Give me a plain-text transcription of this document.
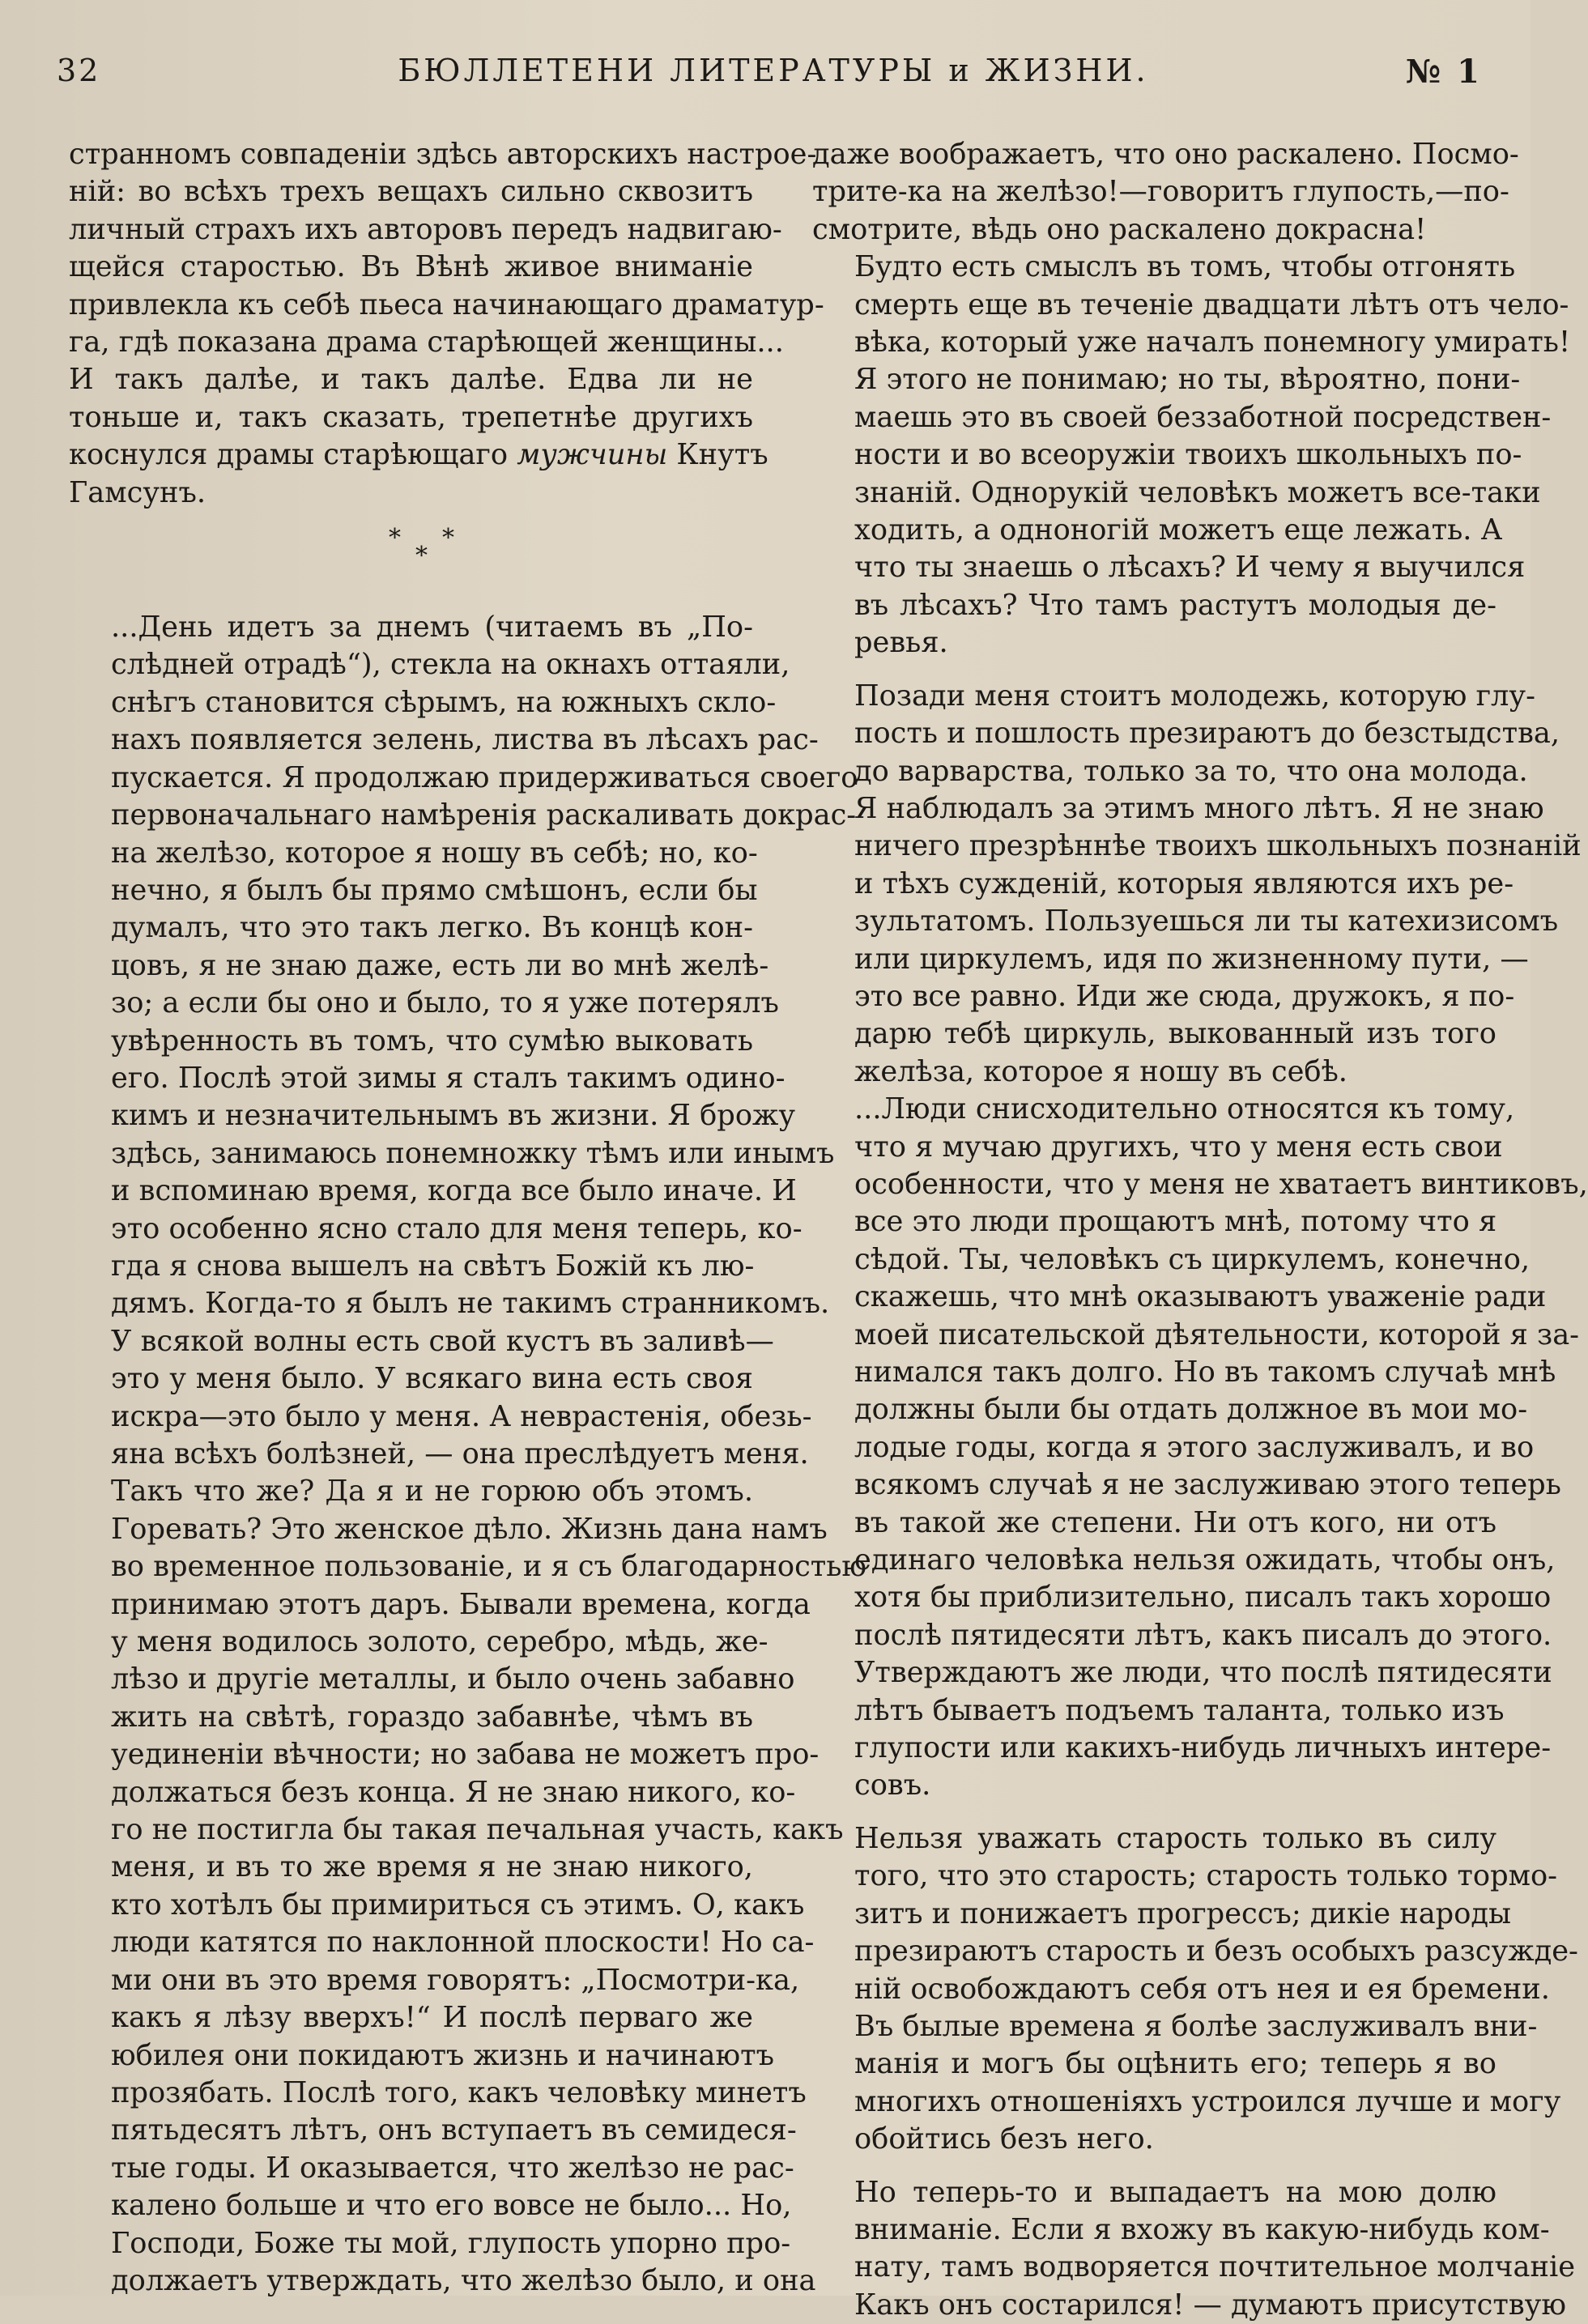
32	БЮЛЛЕТЕНИ ЛИТЕРАТУРЫ и ЖИЗНИ.	№ 1

странномъ совпаденіи здѣсь авторскихъ настрое-
ній: во всѣхъ трехъ вещахъ сильно сквозитъ
личный страхъ ихъ авторовъ передъ надвигаю-
щейся старостью. Въ Вѣнѣ живое вниманіе
привлекла къ себѣ пьеса начинающаго драматур-
га, гдѣ показана драма старѣющей женщины...
И такъ далѣе, и такъ далѣе. Едва ли не
тоньше и, такъ сказать, трепетнѣе другихъ
коснулся драмы старѣющаго мужчины Кнутъ
Гамсунъ.

*
*
*

...День идетъ за днемъ (читаемъ въ „По-
слѣдней отрадѣ“), стекла на окнахъ оттаяли,
снѣгъ становится сѣрымъ, на южныхъ скло-
нахъ появляется зелень, листва въ лѣсахъ рас-
пускается. Я продолжаю придерживаться своего
первоначальнаго намѣренія раскаливать докрас-
на желѣзо, которое я ношу въ себѣ; но, ко-
нечно, я былъ бы прямо смѣшонъ, если бы
думалъ, что это такъ легко. Въ концѣ кон-
цовъ, я не знаю даже, есть ли во мнѣ желѣ-
зо; а если бы оно и было, то я уже потерялъ
увѣренность въ томъ, что сумѣю выковать
его. Послѣ этой зимы я сталъ такимъ одино-
кимъ и незначительнымъ въ жизни. Я брожу
здѣсь, занимаюсь понемножку тѣмъ или инымъ
и вспоминаю время, когда все было иначе. И
это особенно ясно стало для меня теперь, ко-
гда я снова вышелъ на свѣтъ Божій къ лю-
дямъ. Когда-то я былъ не такимъ странникомъ.
У всякой волны есть свой кустъ въ заливѣ—
это у меня было. У всякаго вина есть своя
искра—это было у меня. А неврастенія, обезь-
яна всѣхъ болѣзней, — она преслѣдуетъ меня.

Такъ что же? Да я и не горюю объ этомъ.
Горевать? Это женское дѣло. Жизнь дана намъ
во временное пользованіе, и я съ благодарностью
принимаю этотъ даръ. Бывали времена, когда
у меня водилось золото, серебро, мѣдь, же-
лѣзо и другіе металлы, и было очень забавно
жить на свѣтѣ, гораздо забавнѣе, чѣмъ въ
уединеніи вѣчности; но забава не можетъ про-
должаться безъ конца. Я не знаю никого, ко-
го не постигла бы такая печальная участь, какъ
меня, и въ то же время я не знаю никого,
кто хотѣлъ бы примириться съ этимъ. О, какъ
люди катятся по наклонной плоскости! Но са-
ми они въ это время говорятъ: „Посмотри-ка,
какъ я лѣзу вверхъ!“ И послѣ перваго же
юбилея они покидаютъ жизнь и начинаютъ
прозябать. Послѣ того, какъ человѣку минетъ
пятьдесятъ лѣтъ, онъ вступаетъ въ семидеся-
тые годы. И оказывается, что желѣзо не рас-
калено больше и что его вовсе не было... Но,
Господи, Боже ты мой, глупость упорно про-
должаетъ утверждать, что желѣзо было, и она

даже воображаетъ, что оно раскалено. Посмо-
трите-ка на желѣзо!—говоритъ глупость,—по-
смотрите, вѣдь оно раскалено докрасна!

Будто есть смыслъ въ томъ, чтобы отгонять
смерть еще въ теченіе двадцати лѣтъ отъ чело-
вѣка, который уже началъ понемногу умирать!
Я этого не понимаю; но ты, вѣроятно, пони-
маешь это въ своей беззаботной посредствен-
ности и во всеоружіи твоихъ школьныхъ по-
знаній. Однорукій человѣкъ можетъ все-таки
ходить, а одноногій можетъ еще лежать. А
что ты знаешь о лѣсахъ? И чему я выучился
въ лѣсахъ? Что тамъ растутъ молодыя де-
ревья.

Позади меня стоитъ молодежь, которую глу-
пость и пошлость презираютъ до безстыдства,
до варварства, только за то, что она молода.
Я наблюдалъ за этимъ много лѣтъ. Я не знаю
ничего презрѣннѣе твоихъ школьныхъ познаній
и тѣхъ сужденій, которыя являются ихъ ре-
зультатомъ. Пользуешься ли ты катехизисомъ
или циркулемъ, идя по жизненному пути, —
это все равно. Иди же сюда, дружокъ, я по-
дарю тебѣ циркуль, выкованный изъ того
желѣза, которое я ношу въ себѣ.

...Люди снисходительно относятся къ тому,
что я мучаю другихъ, что у меня есть свои
особенности, что у меня не хватаетъ винтиковъ,
все это люди прощаютъ мнѣ, потому что я
сѣдой. Ты, человѣкъ съ циркулемъ, конечно,
скажешь, что мнѣ оказываютъ уваженіе ради
моей писательской дѣятельности, которой я за-
нимался такъ долго. Но въ такомъ случаѣ мнѣ
должны были бы отдать должное въ мои мо-
лодые годы, когда я этого заслуживалъ, и во
всякомъ случаѣ я не заслуживаю этого теперь
въ такой же степени. Ни отъ кого, ни отъ
единаго человѣка нельзя ожидать, чтобы онъ,
хотя бы приблизительно, писалъ такъ хорошо
послѣ пятидесяти лѣтъ, какъ писалъ до этого.
Утверждаютъ же люди, что послѣ пятидесяти
лѣтъ бываетъ подъемъ таланта, только изъ
глупости или какихъ-нибудь личныхъ интере-
совъ.

Нельзя уважать старость только въ силу
того, что это старость; старость только тормо-
зитъ и понижаетъ прогрессъ; дикіе народы
презираютъ старость и безъ особыхъ разсужде-
ній освобождаютъ себя отъ нея и ея бремени.
Въ былые времена я болѣе заслуживалъ вни-
манія и могъ бы оцѣнить его; теперь я во
многихъ отношеніяхъ устроился лучше и могу
обойтись безъ него.

Но теперь-то и выпадаетъ на мою долю
вниманіе. Если я вхожу въ какую-нибудь ком-
нату, тамъ водворяется почтительное молчаніе
Какъ онъ состарился! — думаютъ присутствую
